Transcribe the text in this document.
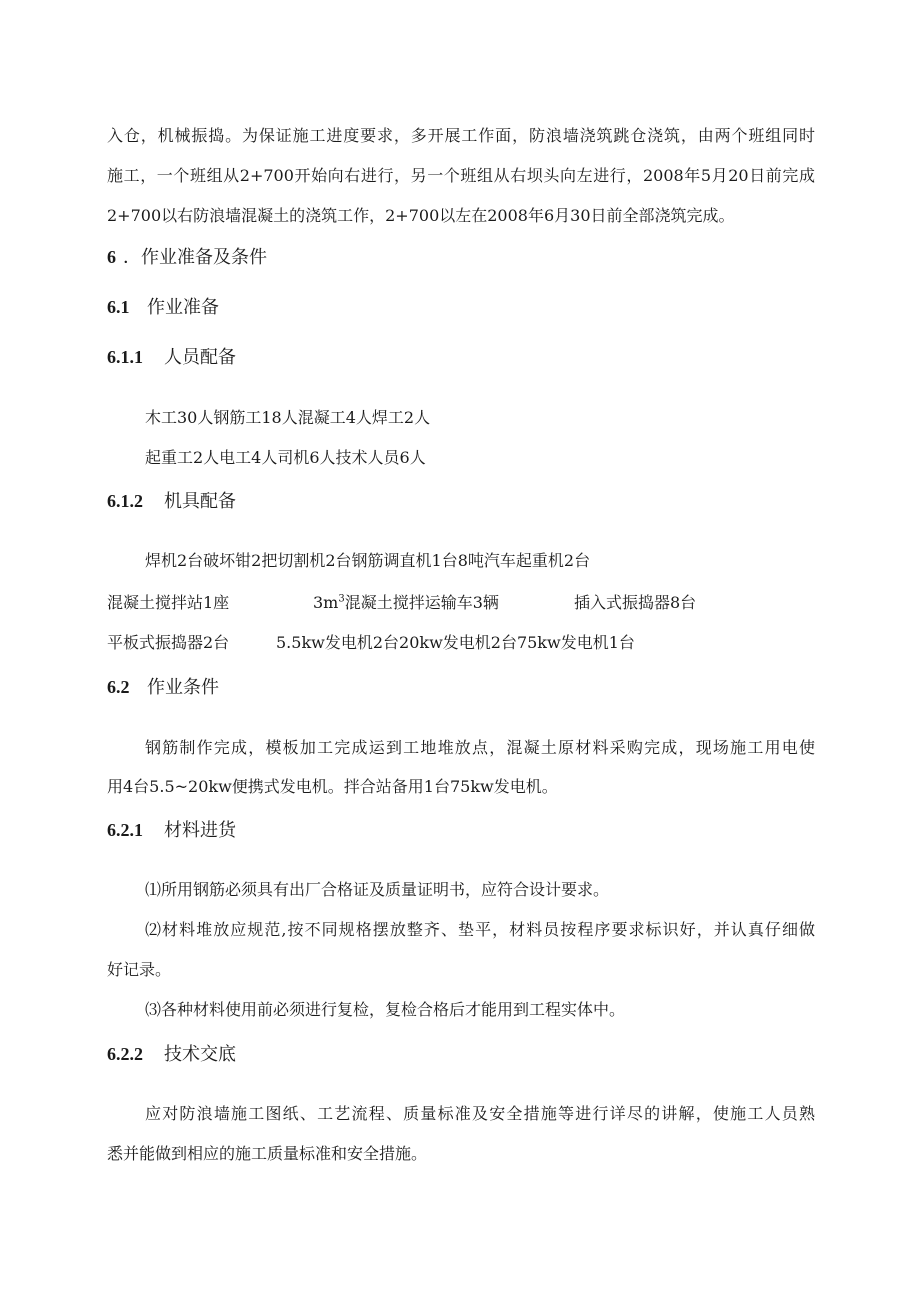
入仓，机械振捣。为保证施工进度要求，多开展工作面，防浪墙浇筑跳仓浇筑，由两个班组同时
施工，一个班组从2+700开始向右进行，另一个班组从右坝头向左进行，2008年5月20日前完成
2+700以右防浪墙混凝土的浇筑工作，2+700以左在2008年6月30日前全部浇筑完成。
6 ．作业准备及条件
6.1 作业准备
6.1.1 人员配备
木工30人钢筋工18人混凝工4人焊工2人
起重工2人电工4人司机6人技术人员6人
6.1.2 机具配备
焊机2台破坏钳2把切割机2台钢筋调直机1台8吨汽车起重机2台
混凝土搅拌站1座	$3m^3$混凝土搅拌运输车3辆	插入式振捣器8台
平板式振捣器2台	5.5kw发电机2台20kw发电机2台75kw发电机1台
6.2 作业条件
钢筋制作完成，模板加工完成运到工地堆放点，混凝土原材料采购完成，现场施工用电使
用4台5.5~20kw便携式发电机。拌合站备用1台75kw发电机。
6.2.1 材料进货
⑴所用钢筋必须具有出厂合格证及质量证明书，应符合设计要求。
⑵材料堆放应规范,按不同规格摆放整齐、垫平，材料员按程序要求标识好，并认真仔细做
好记录。
⑶各种材料使用前必须进行复检，复检合格后才能用到工程实体中。
6.2.2 技术交底
应对防浪墙施工图纸、工艺流程、质量标准及安全措施等进行详尽的讲解，使施工人员熟
悉并能做到相应的施工质量标准和安全措施。
